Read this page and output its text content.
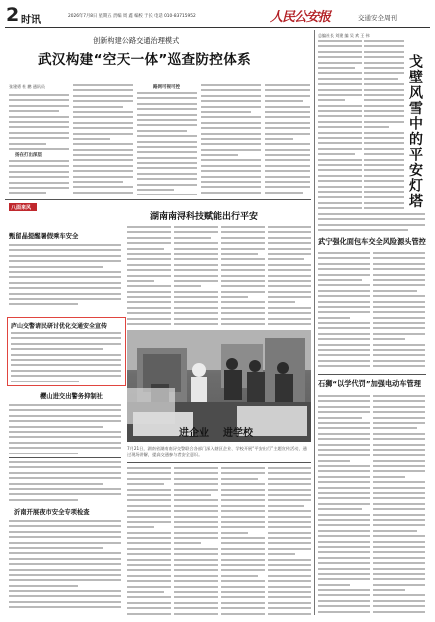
2 时讯	2026年7月8日 星期五 责编 周 鑫 编校 于长 电话 010-83715952	人民公安报	交通安全周刊
创新构建公路交通治理模式
武汉构建“空天一体”巡查防控体系
张建勇 杜 鹏 通讯员
扬在打出深层
路网可视可控
总编社长 刘建 编 吴 欢 王 伟
戈壁风雪中的平安灯塔
武宁强化面包车交全风险源头管控
石狮“以学代罚”加强电动车管理
八面来风
甄留晶提醒暑假乘车安全
庐山交警请民研讨优化交通安全宣传
樱山进交出警务抑制社
沂南开展夜市安全专项检查
湖南南浔科技赋能出行平安
进企业 进学校
7月21日，湖南省湖南南浔交警联合各部门深入辖区企业、学校开展“平安出行”主题宣传活动，通过现场讲解，提高交通参与者安全意识。
